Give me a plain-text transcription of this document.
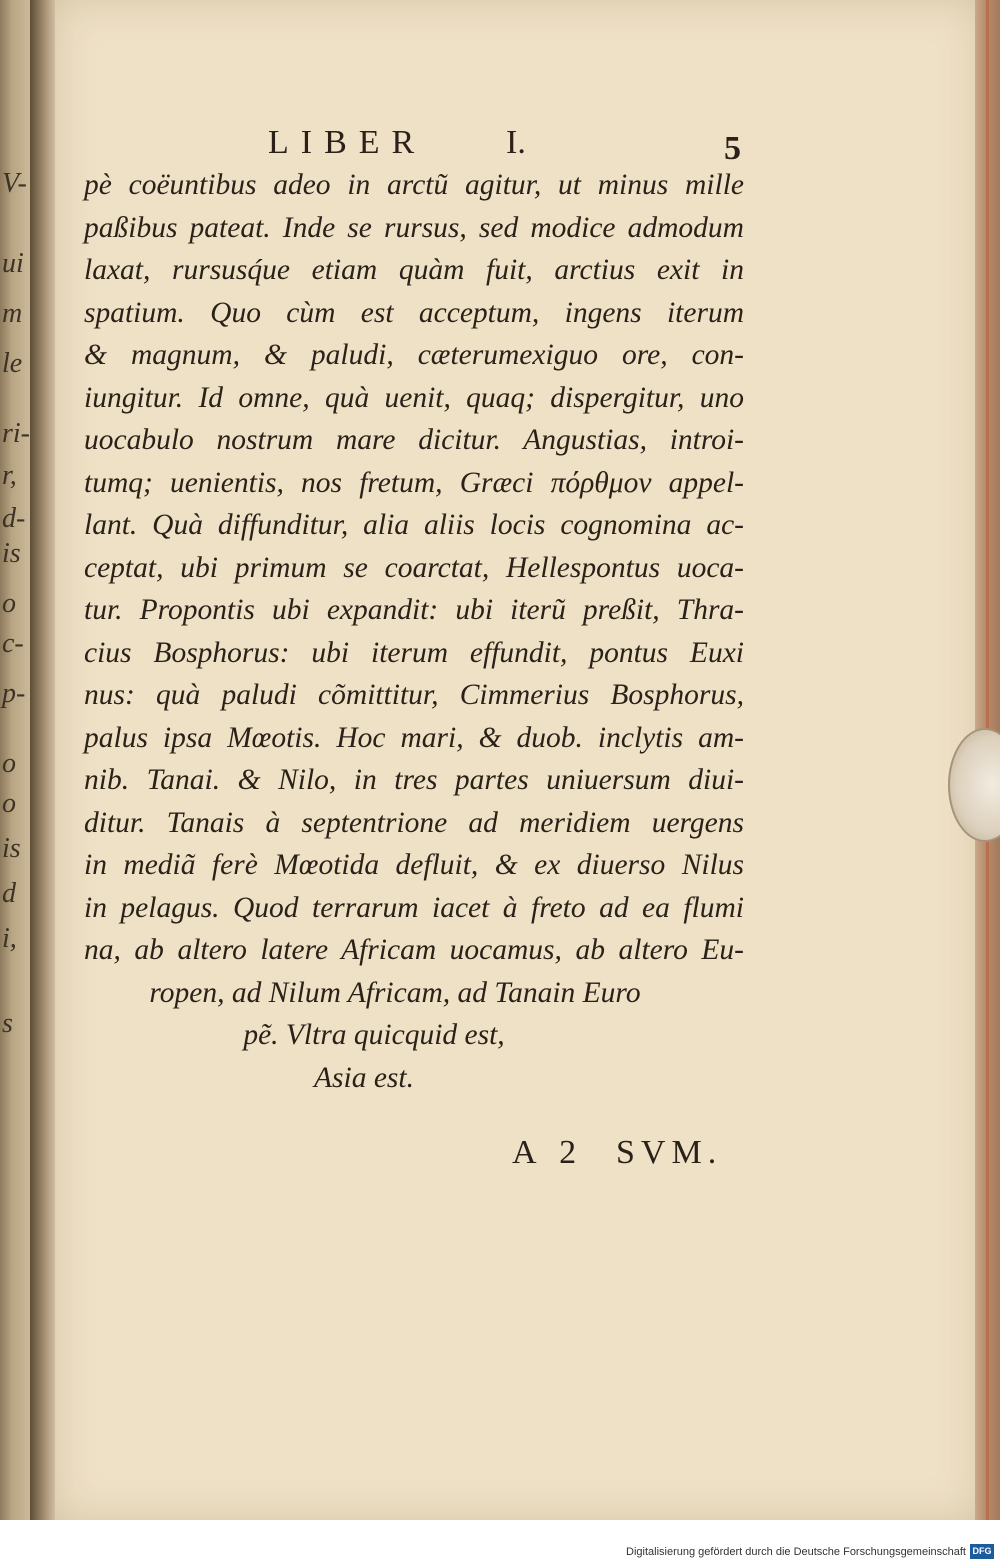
V-
ui
m
le
ri-
r,
d-
is
o
c-
p-
o
o
is
d
i,
s
LIBER I.	5
pè coëuntibus adeo in arctũ agitur, ut minus mille
paßibus pateat. Inde se rursus, sed modice admodum
laxat, rursusq́ue etiam quàm fuit, arctius exit in
spatium. Quo cùm est acceptum, ingens iterum
& magnum, & paludi, cæterumexiguo ore, con-
iungitur. Id omne, quà uenit, quaq; dispergitur, uno
uocabulo nostrum mare dicitur. Angustias, introi-
tumq; uenientis, nos fretum, Græci πόρθμον appel-
lant. Quà diffunditur, alia aliis locis cognomina ac-
ceptat, ubi primum se coarctat, Hellespontus uoca-
tur. Propontis ubi expandit: ubi iterũ preßit, Thra-
cius Bosphorus: ubi iterum effundit, pontus Euxi
nus: quà paludi cõmittitur, Cimmerius Bosphorus,
palus ipsa Mœotis. Hoc mari, & duob. inclytis am-
nib. Tanai. & Nilo, in tres partes uniuersum diui-
ditur. Tanais à septentrione ad meridiem uergens
in mediã ferè Mœotida defluit, & ex diuerso Nilus
in pelagus. Quod terrarum iacet à freto ad ea flumi
na, ab altero latere Africam uocamus, ab altero Eu-
ropen, ad Nilum Africam, ad Tanain Euro
pẽ. Vltra quicquid est,
Asia est.
A 2 SVM.
Digitalisierung gefördert durch die Deutsche Forschungsgemeinschaft DFG
